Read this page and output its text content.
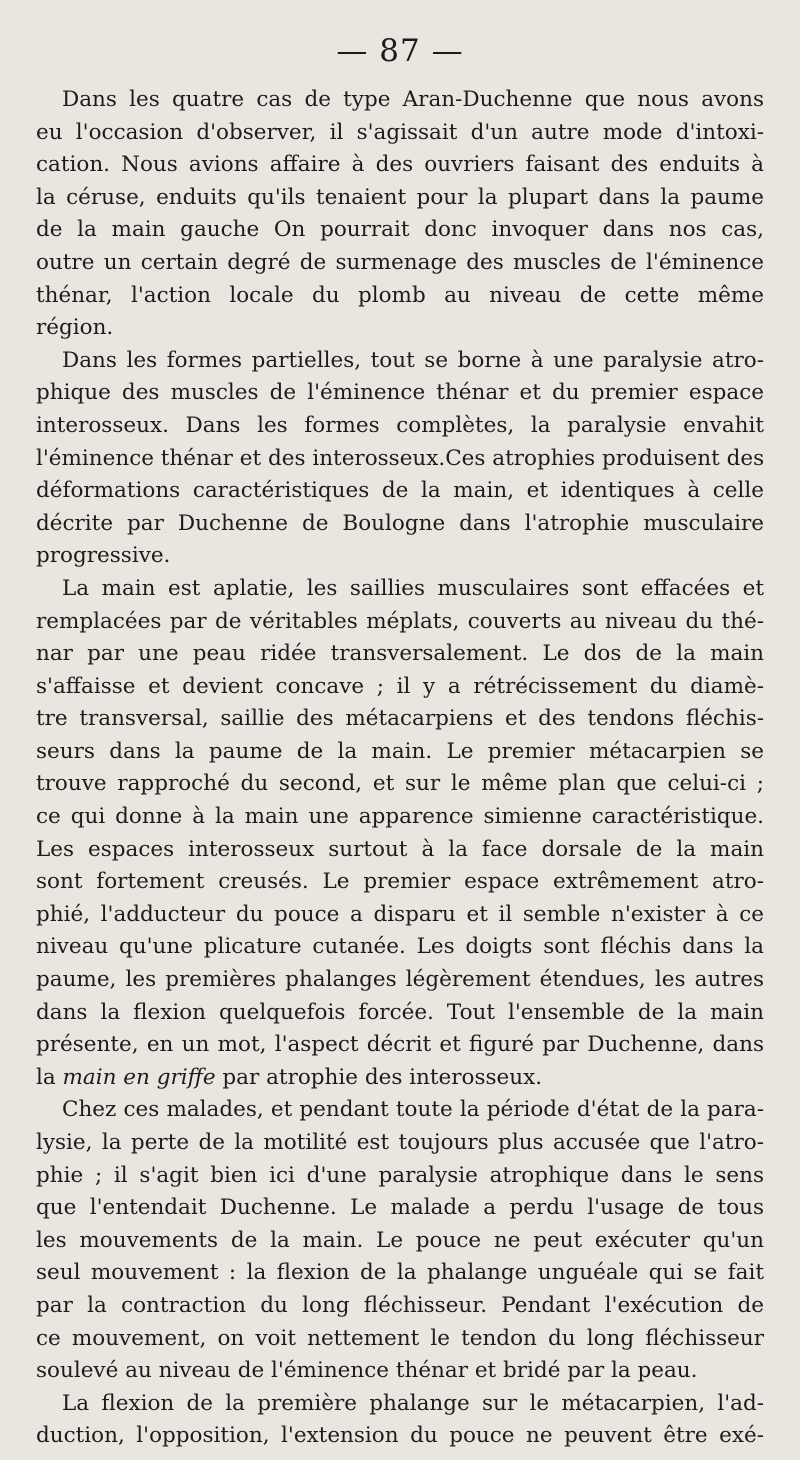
— 87 —
Dans les quatre cas de type Aran-Duchenne que nous avons
eu l'occasion d'observer, il s'agissait d'un autre mode d'intoxi-
cation. Nous avions affaire à des ouvriers faisant des enduits à
la céruse, enduits qu'ils tenaient pour la plupart dans la paume
de la main gauche On pourrait donc invoquer dans nos cas,
outre un certain degré de surmenage des muscles de l'éminence
thénar, l'action locale du plomb au niveau de cette même
région.
Dans les formes partielles, tout se borne à une paralysie atro-
phique des muscles de l'éminence thénar et du premier espace
interosseux. Dans les formes complètes, la paralysie envahit
l'éminence thénar et des interosseux.Ces atrophies produisent des
déformations caractéristiques de la main, et identiques à celle
décrite par Duchenne de Boulogne dans l'atrophie musculaire
progressive.
La main est aplatie, les saillies musculaires sont effacées et
remplacées par de véritables méplats, couverts au niveau du thé-
nar par une peau ridée transversalement. Le dos de la main
s'affaisse et devient concave ; il y a rétrécissement du diamè-
tre transversal, saillie des métacarpiens et des tendons fléchis-
seurs dans la paume de la main. Le premier métacarpien se
trouve rapproché du second, et sur le même plan que celui-ci ;
ce qui donne à la main une apparence simienne caractéristique.
Les espaces interosseux surtout à la face dorsale de la main
sont fortement creusés. Le premier espace extrêmement atro-
phié, l'adducteur du pouce a disparu et il semble n'exister à ce
niveau qu'une plicature cutanée. Les doigts sont fléchis dans la
paume, les premières phalanges légèrement étendues, les autres
dans la flexion quelquefois forcée. Tout l'ensemble de la main
présente, en un mot, l'aspect décrit et figuré par Duchenne, dans
la main en griffe par atrophie des interosseux.
Chez ces malades, et pendant toute la période d'état de la para-
lysie, la perte de la motilité est toujours plus accusée que l'atro-
phie ; il s'agit bien ici d'une paralysie atrophique dans le sens
que l'entendait Duchenne. Le malade a perdu l'usage de tous
les mouvements de la main. Le pouce ne peut exécuter qu'un
seul mouvement : la flexion de la phalange unguéale qui se fait
par la contraction du long fléchisseur. Pendant l'exécution de
ce mouvement, on voit nettement le tendon du long fléchisseur
soulevé au niveau de l'éminence thénar et bridé par la peau.
La flexion de la première phalange sur le métacarpien, l'ad-
duction, l'opposition, l'extension du pouce ne peuvent être exé-
